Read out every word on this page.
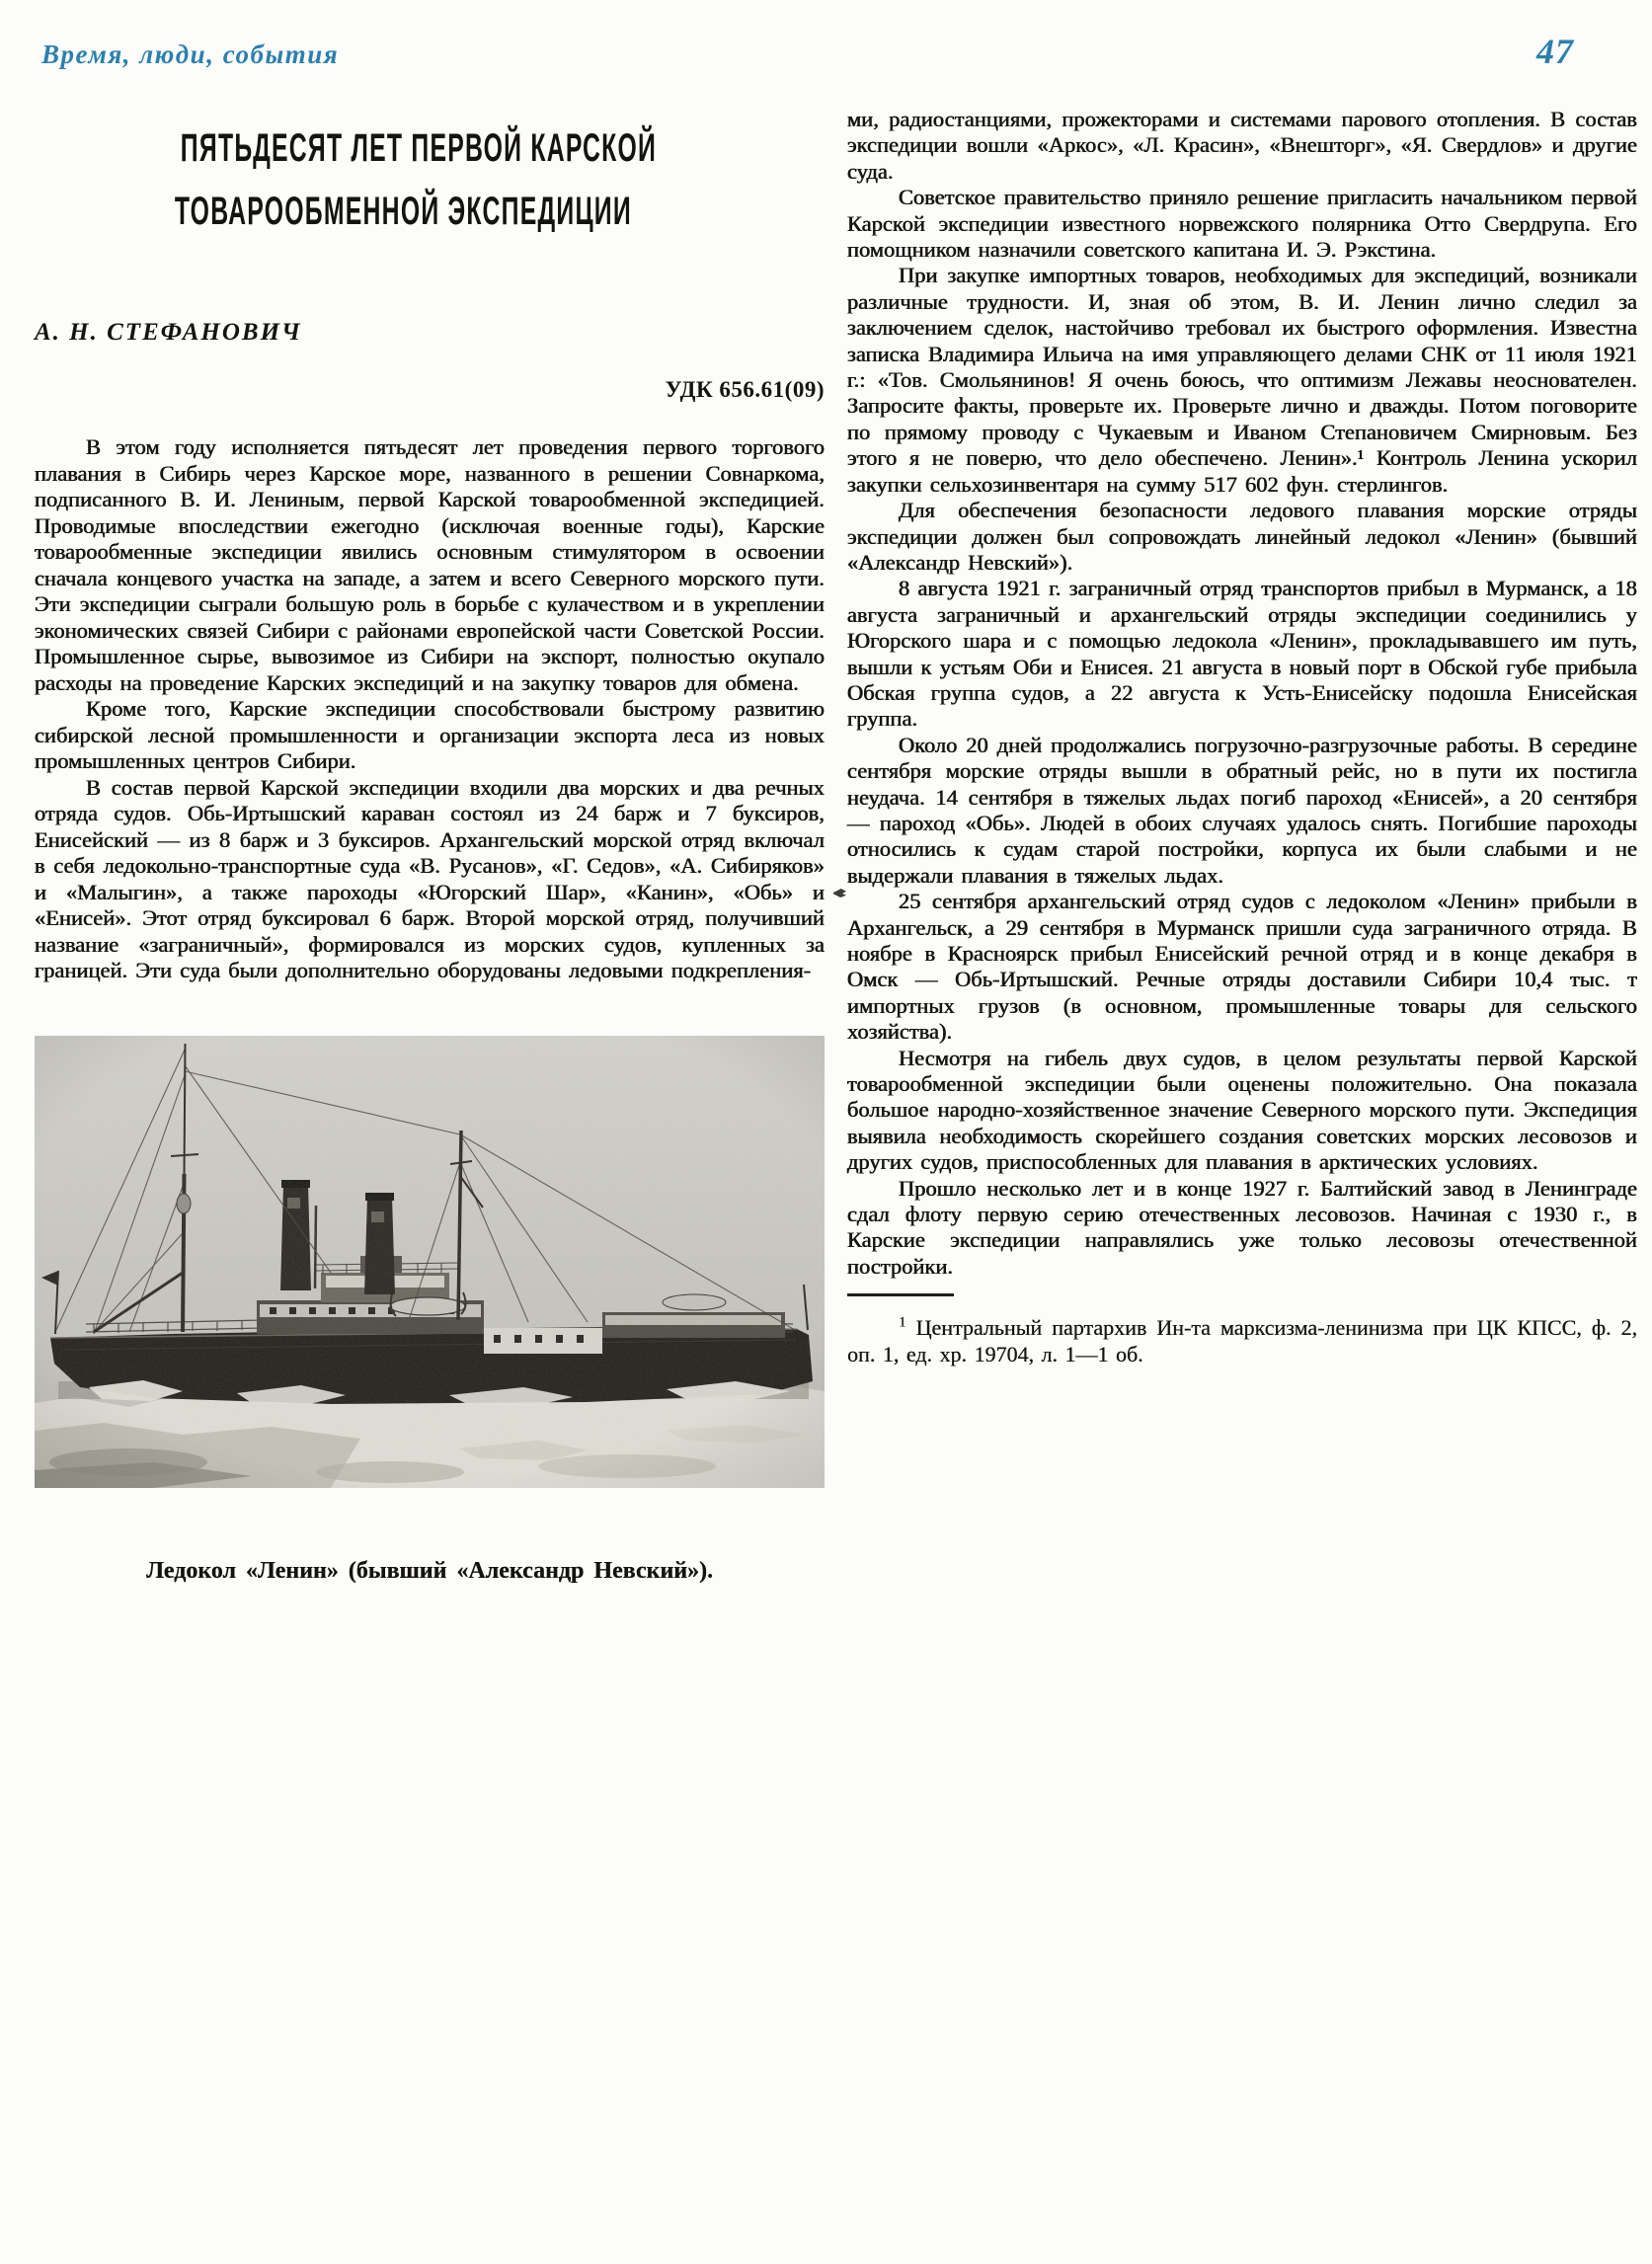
Время, люди, события	47
ПЯТЬДЕСЯТ ЛЕТ ПЕРВОЙ КАРСКОЙ
ТОВАРООБМЕННОЙ ЭКСПЕДИЦИИ
А. Н. СТЕФАНОВИЧ
УДК 656.61(09)

В этом году исполняется пятьдесят лет проведения первого торгового плавания в Сибирь через Карское море, названного в решении Совнаркома, подписанного В. И. Лениным, первой Карской товарообменной экспедицией. Проводимые впоследствии ежегодно (исключая военные годы), Карские товарообменные экспедиции явились основным стимулятором в освоении сначала концевого участка на западе, а затем и всего Северного морского пути. Эти экспедиции сыграли большую роль в борьбе с кулачеством и в укреплении экономических связей Сибири с районами европейской части Советской России. Промышленное сырье, вывозимое из Сибири на экспорт, полностью окупало расходы на проведение Карских экспедиций и на закупку товаров для обмена.

Кроме того, Карские экспедиции способствовали быстрому развитию сибирской лесной промышленности и организации экспорта леса из новых промышленных центров Сибири.

В состав первой Карской экспедиции входили два морских и два речных отряда судов. Обь-Иртышский караван состоял из 24 барж и 7 буксиров, Енисейский — из 8 барж и 3 буксиров. Архангельский морской отряд включал в себя ледокольно-транспортные суда «В. Русанов», «Г. Седов», «А. Сибиряков» и «Малыгин», а также пароходы «Югорский Шар», «Канин», «Обь» и «Енисей». Этот отряд буксировал 6 барж. Второй морской отряд, получивший название «заграничный», формировался из морских судов, купленных за границей. Эти суда были дополнительно оборудованы ледовыми подкрепления-

Ледокол «Ленин» (бывший «Александр Невский»).

ми, радиостанциями, прожекторами и системами парового отопления. В состав экспедиции вошли «Аркос», «Л. Красин», «Внешторг», «Я. Свердлов» и другие суда.

Советское правительство приняло решение пригласить начальником первой Карской экспедиции известного норвежского полярника Отто Свердрупа. Его помощником назначили советского капитана И. Э. Рэкстина.

При закупке импортных товаров, необходимых для экспедиций, возникали различные трудности. И, зная об этом, В. И. Ленин лично следил за заключением сделок, настойчиво требовал их быстрого оформления. Известна записка Владимира Ильича на имя управляющего делами СНК от 11 июля 1921 г.: «Тов. Смольянинов! Я очень боюсь, что оптимизм Лежавы неоснователен. Запросите факты, проверьте их. Проверьте лично и дважды. Потом поговорите по прямому проводу с Чукаевым и Иваном Степановичем Смирновым. Без этого я не поверю, что дело обеспечено. Ленин».¹ Контроль Ленина ускорил закупки сельхозинвентаря на сумму 517 602 фун. стерлингов.

Для обеспечения безопасности ледового плавания морские отряды экспедиции должен был сопровождать линейный ледокол «Ленин» (бывший «Александр Невский»).

8 августа 1921 г. заграничный отряд транспортов прибыл в Мурманск, а 18 августа заграничный и архангельский отряды экспедиции соединились у Югорского шара и с помощью ледокола «Ленин», прокладывавшего им путь, вышли к устьям Оби и Енисея. 21 августа в новый порт в Обской губе прибыла Обская группа судов, а 22 августа к Усть-Енисейску подошла Енисейская группа.

Около 20 дней продолжались погрузочно-разгрузочные работы. В середине сентября морские отряды вышли в обратный рейс, но в пути их постигла неудача. 14 сентября в тяжелых льдах погиб пароход «Енисей», а 20 сентября — пароход «Обь». Людей в обоих случаях удалось снять. Погибшие пароходы относились к судам старой постройки, корпуса их были слабыми и не выдержали плавания в тяжелых льдах.

25 сентября архангельский отряд судов с ледоколом «Ленин» прибыли в Архангельск, а 29 сентября в Мурманск пришли суда заграничного отряда. В ноябре в Красноярск прибыл Енисейский речной отряд и в конце декабря в Омск — Обь-Иртышский. Речные отряды доставили Сибири 10,4 тыс. т импортных грузов (в основном, промышленные товары для сельского хозяйства).

Несмотря на гибель двух судов, в целом результаты первой Карской товарообменной экспедиции были оценены положительно. Она показала большое народно-хозяйственное значение Северного морского пути. Экспедиция выявила необходимость скорейшего создания советских морских лесовозов и других судов, приспособленных для плавания в арктических условиях.

Прошло несколько лет и в конце 1927 г. Балтийский завод в Ленинграде сдал флоту первую серию отечественных лесовозов. Начиная с 1930 г., в Карские экспедиции направлялись уже только лесовозы отечественной постройки.

$^1$ Центральный партархив Ин-та марксизма-ленинизма при ЦК КПСС, ф. 2, оп. 1, ед. хр. 19704, л. 1—1 об.
